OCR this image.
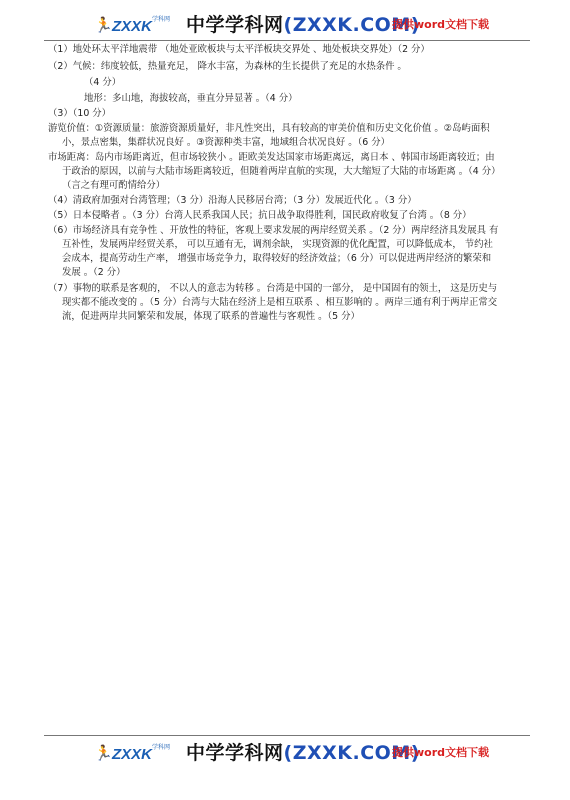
🏃	学科网
ZXXK 中学学科网(ZXXK.COM)
提供word文档下载
（1）地处环太平洋地震带 （地处亚欧板块与太平洋板块交界处 、地处板块交界处）（2 分）
（2）气候：纬度较低，热量充足， 降水丰富，为森林的生长提供了充足的水热条件 。
（4 分）
地形：多山地，海拔较高，垂直分异显著 。（4 分）
（3）（10 分）
游览价值：①资源质量：旅游资源质量好，非凡性突出，具有较高的审美价值和历史文化价值 。②岛屿面积
小，景点密集，集群状况良好 。③资源种类丰富，地域组合状况良好 。（6 分）
市场距离：岛内市场距离近，但市场较狭小 。距欧美发达国家市场距离远，离日本 、韩国市场距离较近；由
于政治的原因，以前与大陆市场距离较近，但随着两岸直航的实现，大大缩短了大陆的市场距离 。（4 分）
（言之有理可酌情给分）
（4）清政府加强对台湾管理；（3 分）沿海人民移居台湾；（3 分）发展近代化 。（3 分）
（5）日本侵略者 。（3 分）台湾人民系我国人民；抗日战争取得胜利，国民政府收复了台湾 。（8 分）
（6）市场经济具有竞争性 、开放性的特征，客观上要求发展的两岸经贸关系 。（2 分）两岸经济具发展具 有
互补性，发展两岸经贸关系， 可以互通有无，调剂余缺， 实现资源的优化配置，可以降低成本， 节约社
会成本，提高劳动生产率， 增强市场竞争力，取得较好的经济效益；（6 分）可以促进两岸经济的繁荣和
发展 。（2 分）
（7）事物的联系是客观的， 不以人的意志为转移 。台湾是中国的一部分， 是中国固有的领土， 这是历史与
现实都不能改变的 。（5 分）台湾与大陆在经济上是相互联系 、相互影响的 。两岸三通有利于两岸正常交
流，促进两岸共同繁荣和发展，体现了联系的普遍性与客观性 。（5 分）
🏃	学科网
ZXXK 中学学科网(ZXXK.COM)
提供word文档下载
